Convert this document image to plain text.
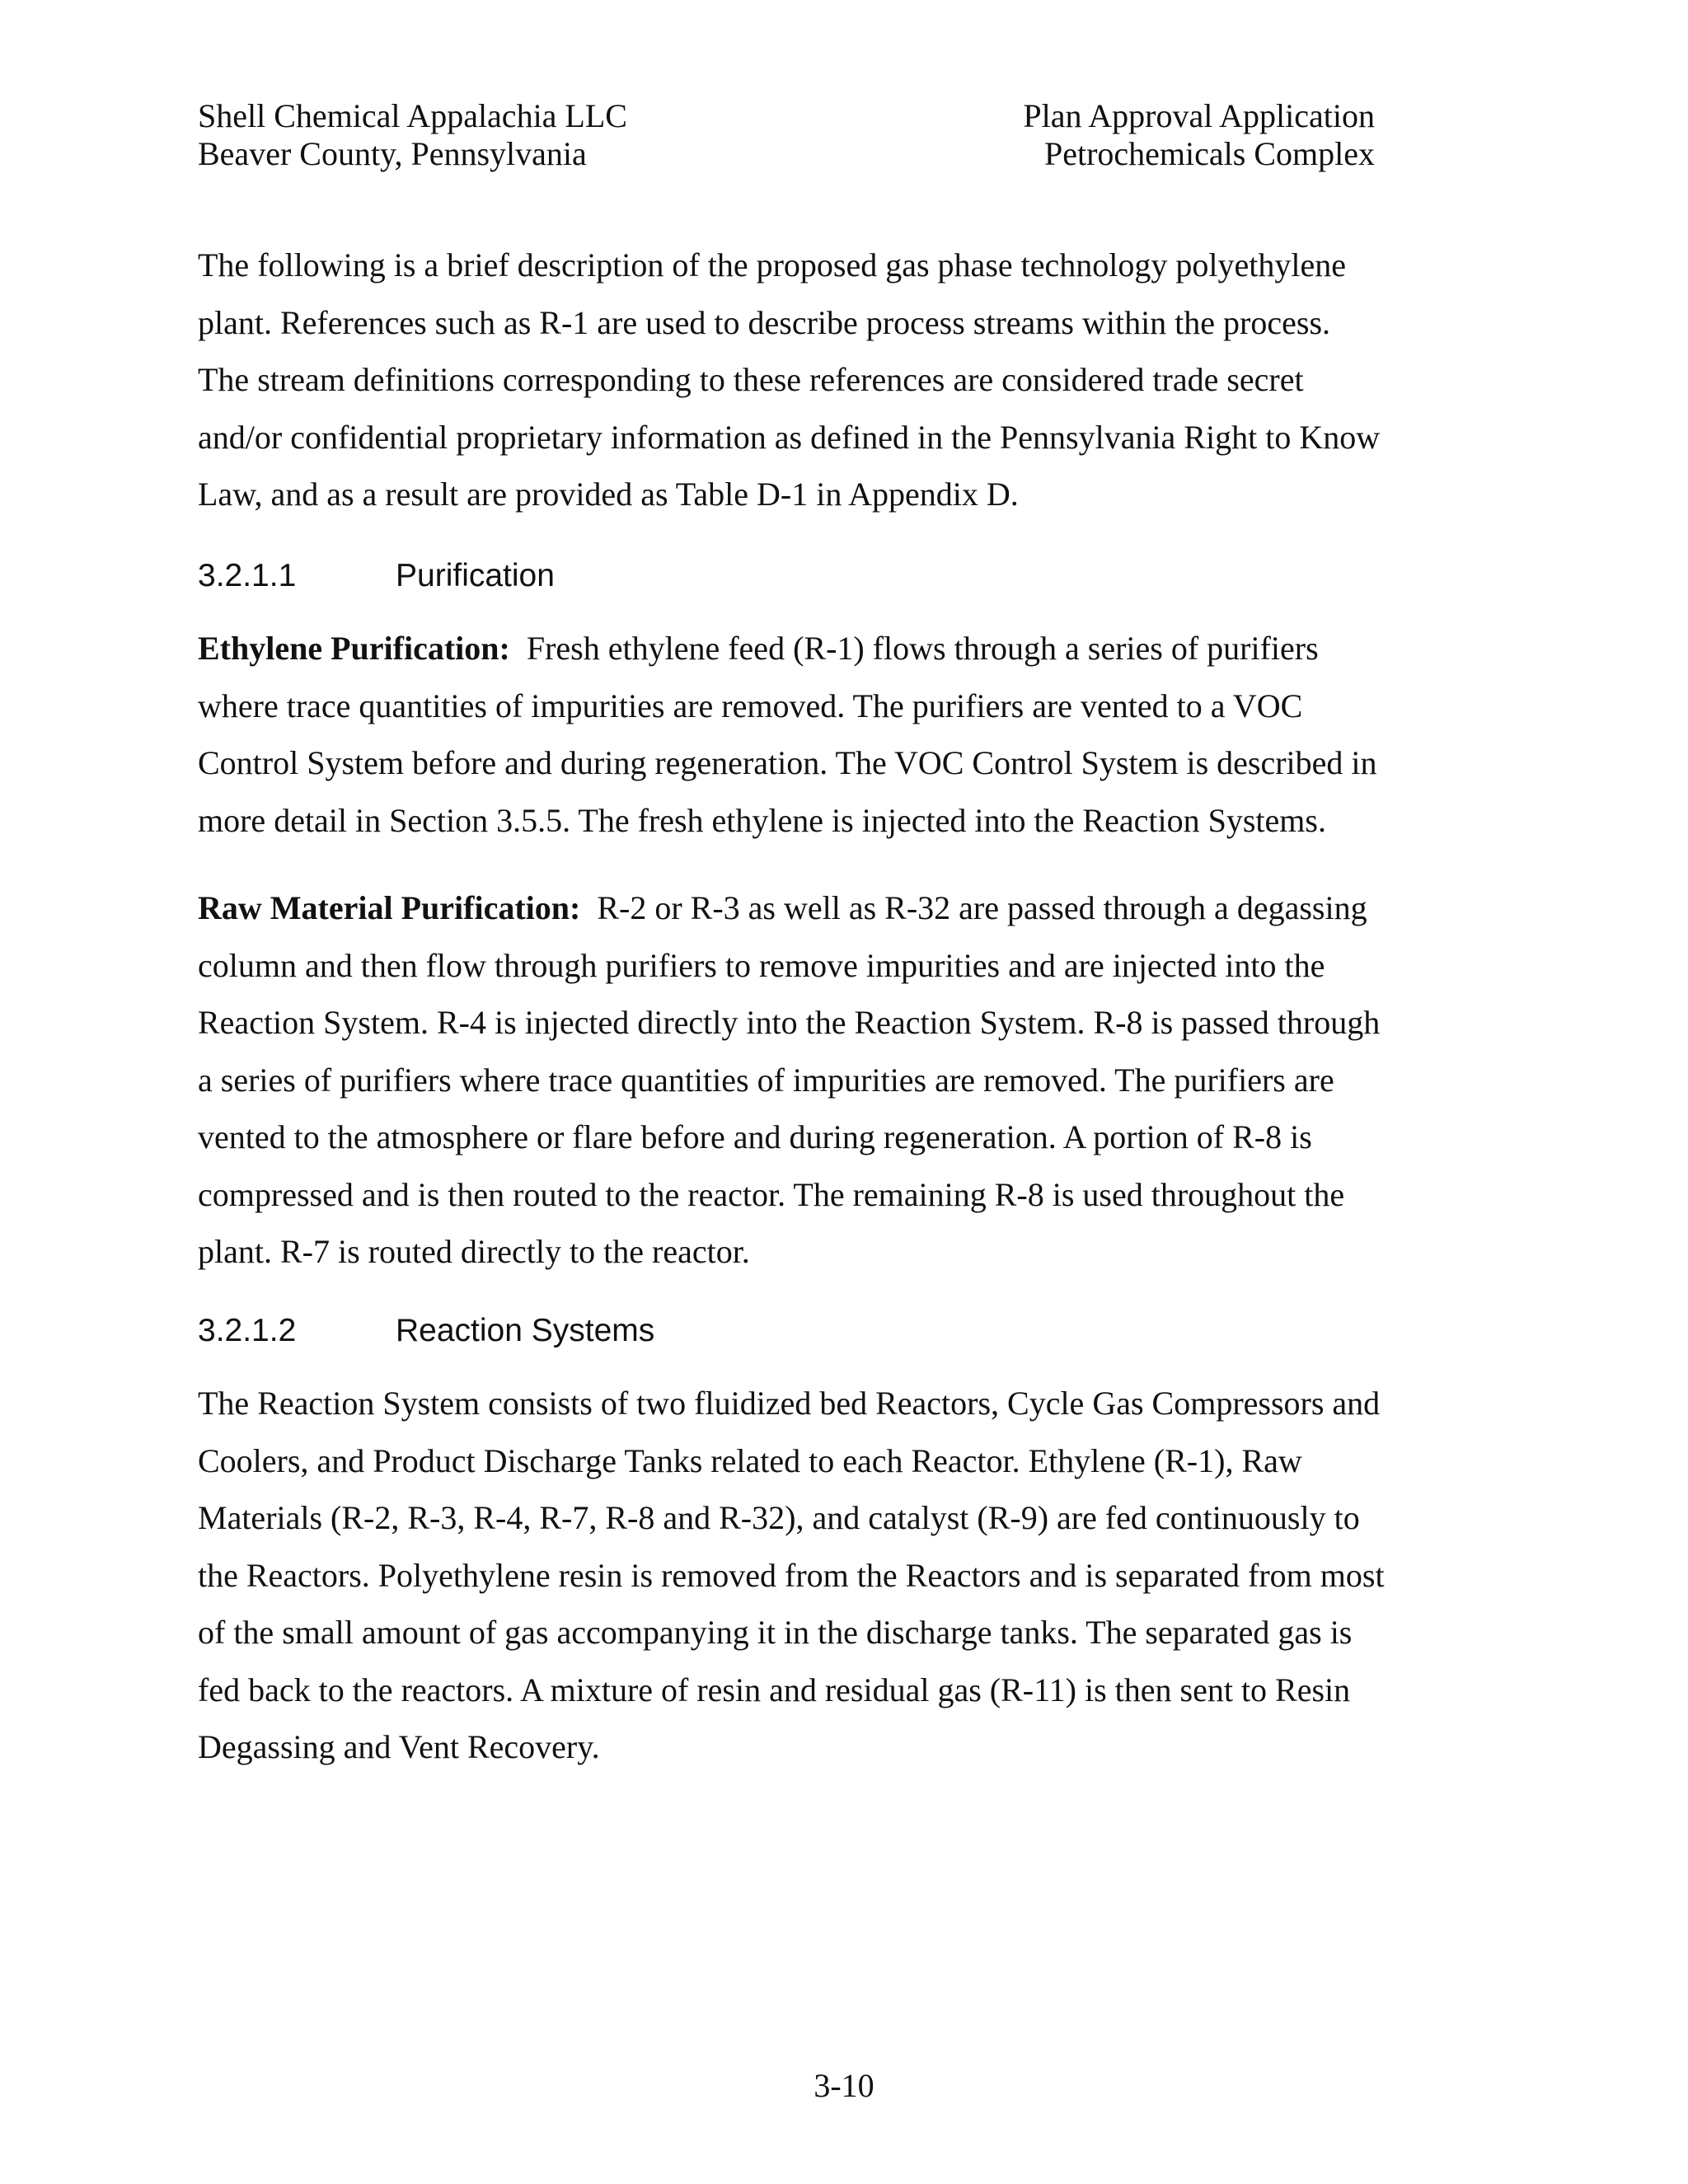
Shell Chemical Appalachia LLC
Beaver County, Pennsylvania
Plan Approval Application
Petrochemicals Complex

The following is a brief description of the proposed gas phase technology polyethylene plant. References such as R-1 are used to describe process streams within the process. The stream definitions corresponding to these references are considered trade secret and/or confidential proprietary information as defined in the Pennsylvania Right to Know Law, and as a result are provided as Table D-1 in Appendix D.

3.2.1.1	Purification

Ethylene Purification: Fresh ethylene feed (R-1) flows through a series of purifiers where trace quantities of impurities are removed. The purifiers are vented to a VOC Control System before and during regeneration. The VOC Control System is described in more detail in Section 3.5.5. The fresh ethylene is injected into the Reaction Systems.

Raw Material Purification: R-2 or R-3 as well as R-32 are passed through a degassing column and then flow through purifiers to remove impurities and are injected into the Reaction System. R-4 is injected directly into the Reaction System. R-8 is passed through a series of purifiers where trace quantities of impurities are removed. The purifiers are vented to the atmosphere or flare before and during regeneration. A portion of R-8 is compressed and is then routed to the reactor. The remaining R-8 is used throughout the plant. R-7 is routed directly to the reactor.

3.2.1.2	Reaction Systems

The Reaction System consists of two fluidized bed Reactors, Cycle Gas Compressors and Coolers, and Product Discharge Tanks related to each Reactor. Ethylene (R-1), Raw Materials (R-2, R-3, R-4, R-7, R-8 and R-32), and catalyst (R-9) are fed continuously to the Reactors. Polyethylene resin is removed from the Reactors and is separated from most of the small amount of gas accompanying it in the discharge tanks. The separated gas is fed back to the reactors. A mixture of resin and residual gas (R-11) is then sent to Resin Degassing and Vent Recovery.

3-10
